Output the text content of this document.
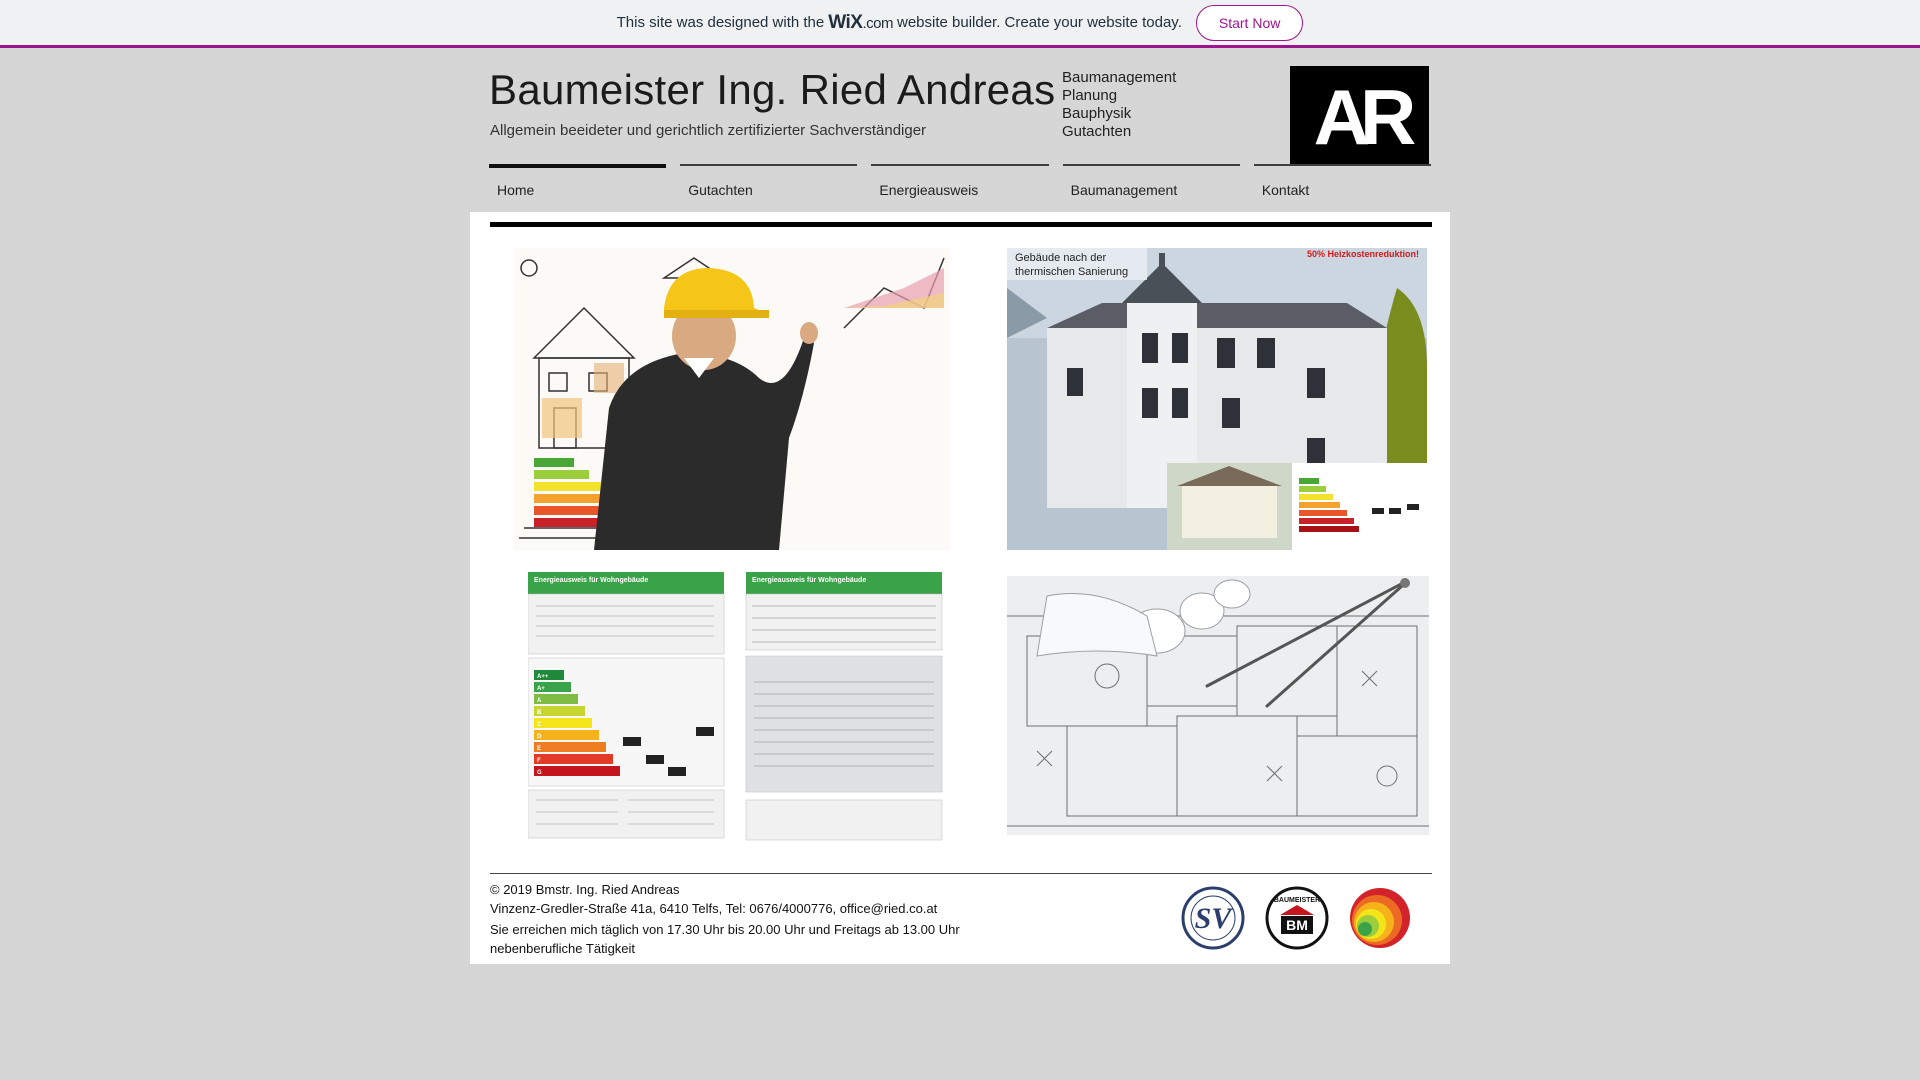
This site was designed with the WiX.com website builder. Create your website today.	Start Now
Baumeister Ing. Ried Andreas
Allgemein beeideter und gerichtlich zertifizierter Sachverständiger
Baumanagement
Planung
Bauphysik
Gutachten	AR
Home	Gutachten	Energieausweis	Baumanagement	Kontakt
Gebäude nach der
thermischen Sanierung
50% Heizkostenreduktion!
Energieausweis für Wohngebäude
A++
A+
A
B
C
D
E
F
G
Energieausweis für Wohngebäude
© 2019 Bmstr. Ing. Ried Andreas
Vinzenz-Gredler-Straße 41a, 6410 Telfs, Tel: 0676/4000776, office@ried.co.at
Sie erreichen mich täglich von 17.30 Uhr bis 20.00 Uhr und Freitags ab 13.00 Uhr
nebenberufliche Tätigkeit
SV
BAUMEISTER
BM
